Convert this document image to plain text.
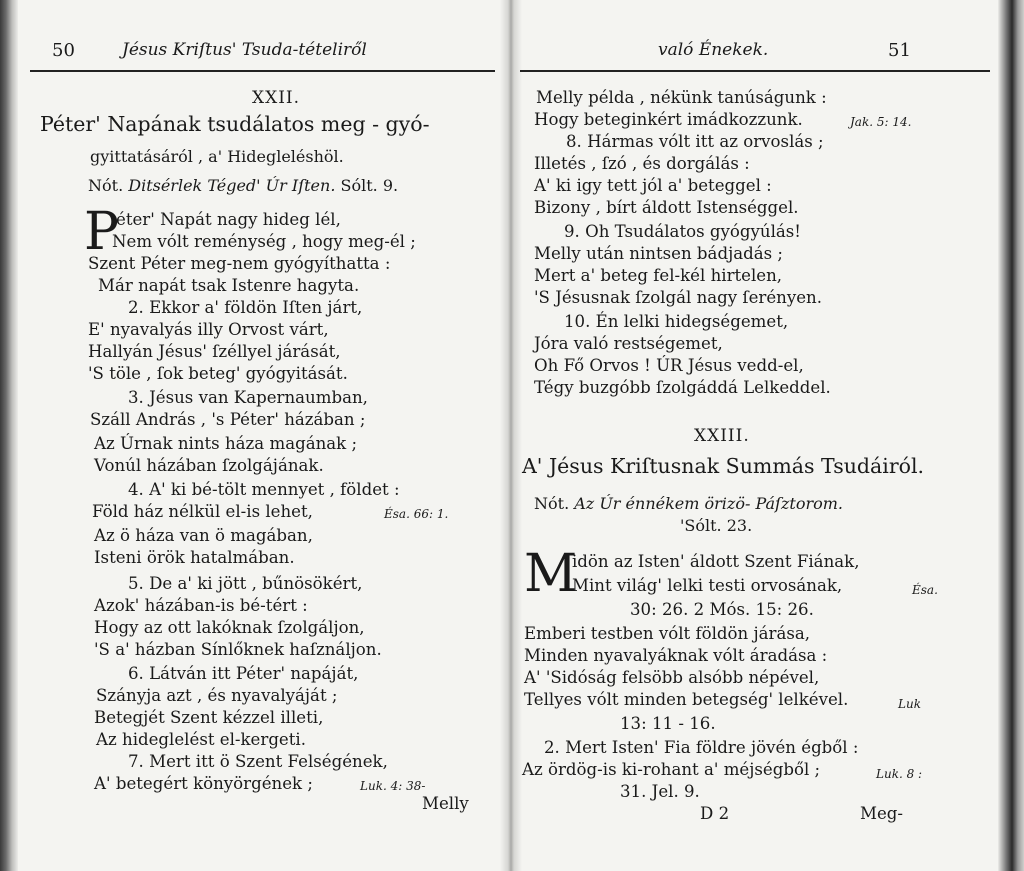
50	Jésus Kriſtus' Tsuda-tételiről
XXII.
Péter' Napának tsudálatos meg - gyó-
gyittatásáról , a' Hidegleléshöl.
Nót. Ditsérlek Téged' Úr Iſten. Sólt. 9.
P
éter' Napát nagy hideg lél,
Nem vólt reménység , hogy meg-él ;
Szent Péter meg-nem gyógyíthatta :
Már napát tsak Istenre hagyta.
2. Ekkor a' földön Iſten járt,
E' nyavalyás illy Orvost várt,
Hallyán Jésus' ſzéllyel járását,
'S töle , ſok beteg' gyógyitását.
3. Jésus van Kapernaumban,
Száll András , 's Péter' házában ;
Az Úrnak nints háza magának ;
Vonúl házában ſzolgájának.
4. A' ki bé-tölt mennyet , földet :
Föld ház nélkül el-is lehet,	Ésa. 66: 1.
Az ö háza van ö magában,
Isteni örök hatalmában.
5. De a' ki jött , bűnösökért,
Azok' házában-is bé-tért :
Hogy az ott lakóknak ſzolgáljon,
'S a' házban Sínlőknek haſználjon.
6. Látván itt Péter' napáját,
Szányja azt , és nyavalyáját ;
Betegjét Szent kézzel illeti,
Az hideglelést el-kergeti.
7. Mert itt ö Szent Felségének,
A' betegért könyörgének ;	Luk. 4: 38-
Melly
való Énekek.	51
Melly példa , nékünk tanúságunk :
Hogy beteginkért imádkozzunk.	Jak. 5: 14.
8. Hármas vólt itt az orvoslás ;
Illetés , ſzó , és dorgálás :
A' ki igy tett jól a' beteggel :
Bizony , bírt áldott Istenséggel.
9. Oh Tsudálatos gyógyúlás!
Melly után nintsen bádjadás ;
Mert a' beteg fel-kél hirtelen,
'S Jésusnak ſzolgál nagy ſerényen.
10. Én lelki hidegségemet,
Jóra való restségemet,
Oh Fő Orvos ! ÚR Jésus vedd-el,
Tégy buzgóbb ſzolgáddá Lelkeddel.
XXIII.
A' Jésus Kriſtusnak Summás Tsudáiról.
Nót. Az Úr énnékem örizö- Páſztorom.
'Sólt. 23.
M
idön az Isten' áldott Szent Fiának,
Mint világ' lelki testi orvosának,	Ésa.
30: 26. 2 Mós. 15: 26.
Emberi testben vólt földön járása,
Minden nyavalyáknak vólt áradása :
A' 'Sidóság felsöbb alsóbb népével,
Tellyes vólt minden betegség' lelkével.	Luk
13: 11 - 16.
2. Mert Isten' Fia földre jövén égből :
Az ördög-is ki-rohant a' méjségből ;	Luk. 8 :
31. Jel. 9.
D 2	Meg-
